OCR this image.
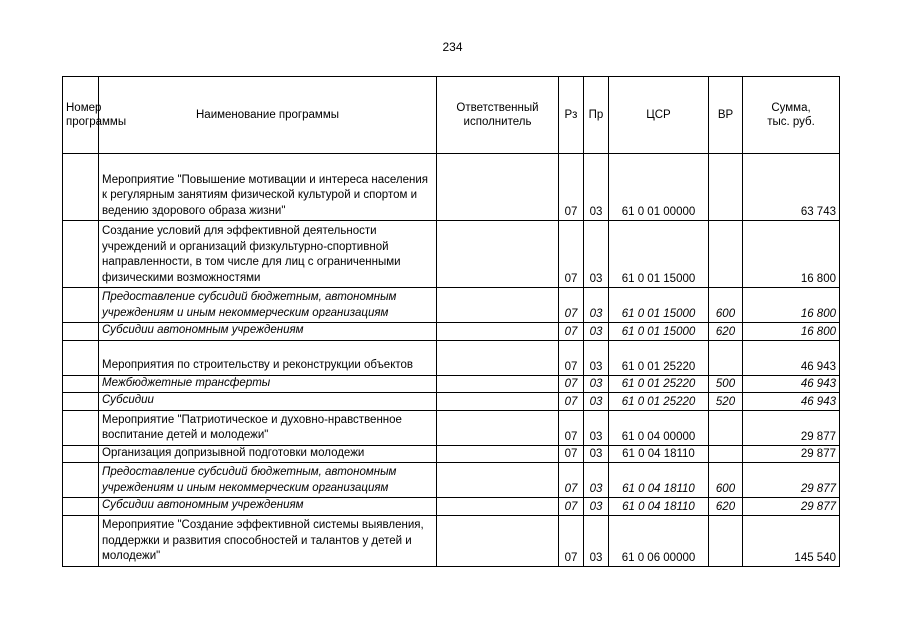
234
Номер программы	Наименование программы	Ответственный исполнитель	Рз	Пр	ЦСР	ВР	Сумма, тыс. руб.
	Мероприятие "Повышение мотивации и интереса населения к регулярным занятиям физической культурой и спортом и ведению здорового образа жизни"		07	03	61 0 01 00000		63 743
	Создание условий для эффективной деятельности учреждений и организаций физкультурно-спортивной направленности, в том числе для лиц с ограниченными физическими возможностями		07	03	61 0 01 15000		16 800
	Предоставление субсидий бюджетным, автономным учреждениям и иным некоммерческим организациям		07	03	61 0 01 15000	600	16 800
	Субсидии автономным учреждениям		07	03	61 0 01 15000	620	16 800
	Мероприятия по строительству и реконструкции объектов		07	03	61 0 01 25220		46 943
	Межбюджетные трансферты		07	03	61 0 01 25220	500	46 943
	Субсидии		07	03	61 0 01 25220	520	46 943
	Мероприятие "Патриотическое и духовно-нравственное воспитание детей и молодежи"		07	03	61 0 04 00000		29 877
	Организация допризывной подготовки молодежи		07	03	61 0 04 18110		29 877
	Предоставление субсидий бюджетным, автономным учреждениям и иным некоммерческим организациям		07	03	61 0 04 18110	600	29 877
	Субсидии автономным учреждениям		07	03	61 0 04 18110	620	29 877
	Мероприятие "Создание эффективной системы выявления, поддержки и развития способностей и талантов у детей и молодежи"		07	03	61 0 06 00000		145 540
